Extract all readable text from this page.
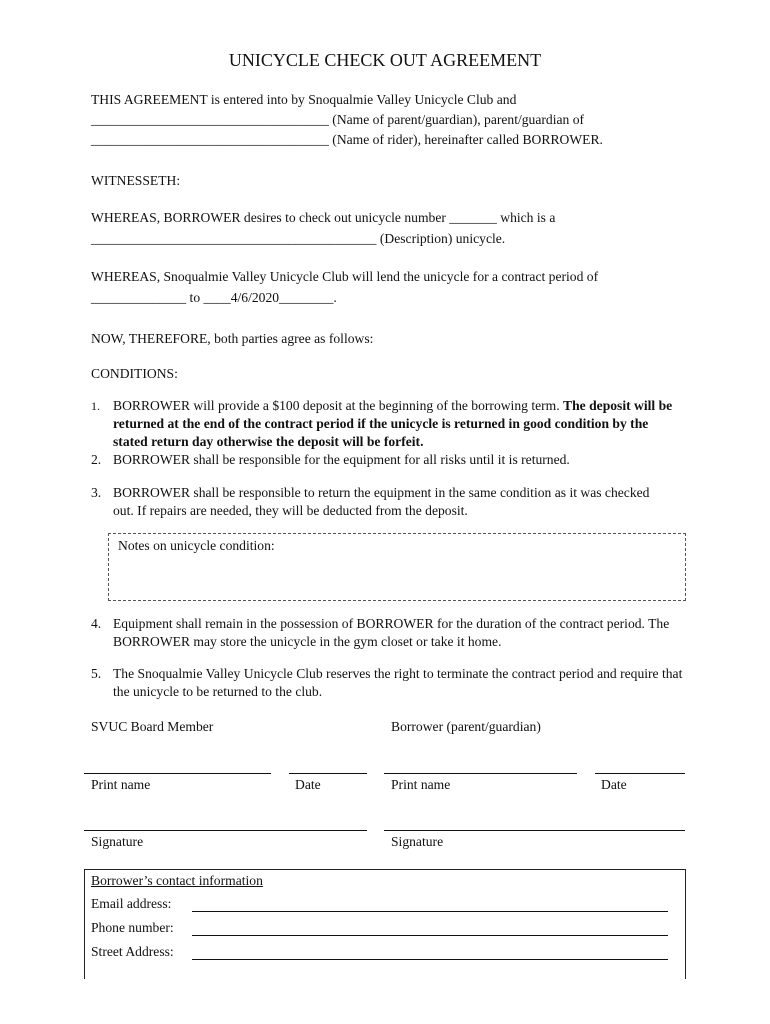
UNICYCLE CHECK OUT AGREEMENT
THIS AGREEMENT is entered into by Snoqualmie Valley Unicycle Club and
___________________________________ (Name of parent/guardian), parent/guardian of
___________________________________ (Name of rider), hereinafter called BORROWER.
WITNESSETH:
WHEREAS, BORROWER desires to check out unicycle number _______ which is a
__________________________________________ (Description) unicycle.
WHEREAS, Snoqualmie Valley Unicycle Club will lend the unicycle for a contract period of
______________ to ____4/6/2020________.
NOW, THEREFORE, both parties agree as follows:
CONDITIONS:
1. BORROWER will provide a $100 deposit at the beginning of the borrowing term. The deposit will be returned at the end of the contract period if the unicycle is returned in good condition by the stated return day otherwise the deposit will be forfeit.
2. BORROWER shall be responsible for the equipment for all risks until it is returned.
3. BORROWER shall be responsible to return the equipment in the same condition as it was checked out. If repairs are needed, they will be deducted from the deposit.
Notes on unicycle condition:
4. Equipment shall remain in the possession of BORROWER for the duration of the contract period. The BORROWER may store the unicycle in the gym closet or take it home.
5. The Snoqualmie Valley Unicycle Club reserves the right to terminate the contract period and require that the unicycle to be returned to the club.
SVUC Board Member	Borrower (parent/guardian)
Print name	Date	Print name	Date
Signature	Signature
Borrower’s contact information
Email address:
Phone number:
Street Address:
